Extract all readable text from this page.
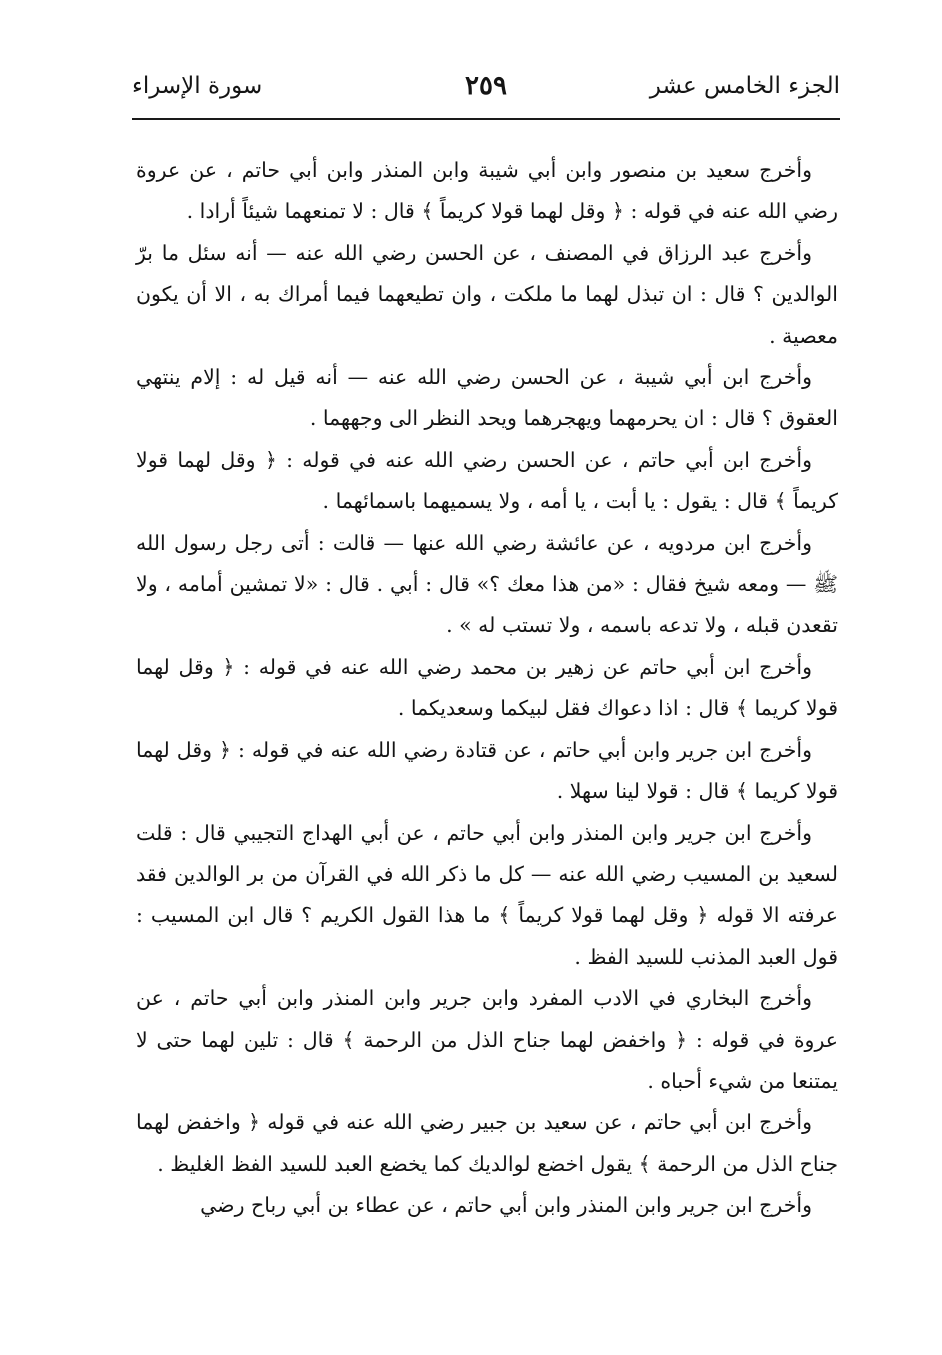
الجزء الخامس عشر
٢٥٩
سورة الإسراء

وأخرج سعيد بن منصور وابن أبي شيبة وابن المنذر وابن أبي حاتم ، عن عروة رضي الله عنه في قوله : ﴿ وقل لهما قولا كريماً ﴾ قال : لا تمنعهما شيئاً أرادا .

وأخرج عبد الرزاق في المصنف ، عن الحسن رضي الله عنه — أنه سئل ما برّ الوالدين ؟ قال : ان تبذل لهما ما ملكت ، وان تطيعهما فيما أمراك به ، الا أن يكون معصية .

وأخرج ابن أبي شيبة ، عن الحسن رضي الله عنه — أنه قيل له : إلام ينتهي العقوق ؟ قال : ان يحرمهما ويهجرهما ويحد النظر الى وجههما .

وأخرج ابن أبي حاتم ، عن الحسن رضي الله عنه في قوله : ﴿ وقل لهما قولا كريماً ﴾ قال : يقول : يا أبت ، يا أمه ، ولا يسميهما باسمائهما .

وأخرج ابن مردويه ، عن عائشة رضي الله عنها — قالت : أتى رجل رسول الله ﷺ — ومعه شيخ فقال : «من هذا معك ؟» قال : أبي . قال : «لا تمشين أمامه ، ولا تقعدن قبله ، ولا تدعه باسمه ، ولا تستب له » .

وأخرج ابن أبي حاتم عن زهير بن محمد رضي الله عنه في قوله : ﴿ وقل لهما قولا كريما ﴾ قال : اذا دعواك فقل لبيكما وسعديكما .

وأخرج ابن جرير وابن أبي حاتم ، عن قتادة رضي الله عنه في قوله : ﴿ وقل لهما قولا كريما ﴾ قال : قولا لينا سهلا .

وأخرج ابن جرير وابن المنذر وابن أبي حاتم ، عن أبي الهداج التجيبي قال : قلت لسعيد بن المسيب رضي الله عنه — كل ما ذكر الله في القرآن من بر الوالدين فقد عرفته الا قوله ﴿ وقل لهما قولا كريماً ﴾ ما هذا القول الكريم ؟ قال ابن المسيب : قول العبد المذنب للسيد الفظ .

وأخرج البخاري في الادب المفرد وابن جرير وابن المنذر وابن أبي حاتم ، عن عروة في قوله : ﴿ واخفض لهما جناح الذل من الرحمة ﴾ قال : تلين لهما حتى لا يمتنعا من شيء أحباه .

وأخرج ابن أبي حاتم ، عن سعيد بن جبير رضي الله عنه في قوله ﴿ واخفض لهما جناح الذل من الرحمة ﴾ يقول اخضع لوالديك كما يخضع العبد للسيد الفظ الغليظ .

وأخرج ابن جرير وابن المنذر وابن أبي حاتم ، عن عطاء بن أبي رباح رضي
